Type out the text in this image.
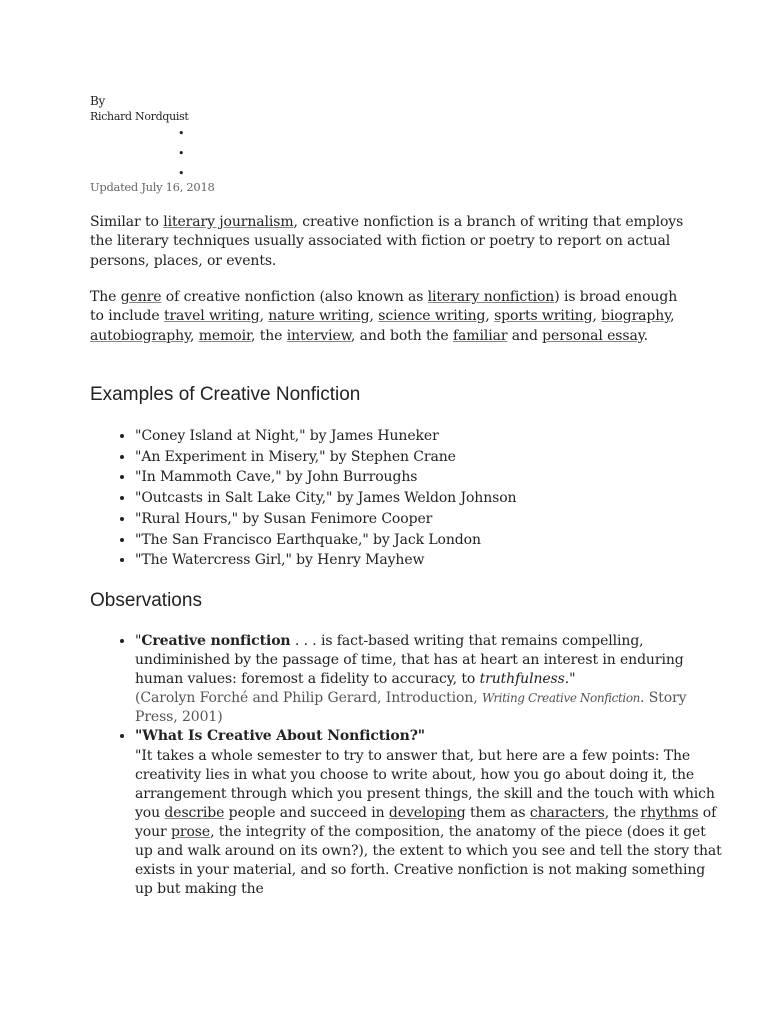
By
Richard Nordquist
•
•
•
Updated July 16, 2018
Similar to literary journalism, creative nonfiction is a branch of writing that employs the literary techniques usually associated with fiction or poetry to report on actual persons, places, or events.
The genre of creative nonfiction (also known as literary nonfiction) is broad enough to include travel writing, nature writing, science writing, sports writing, biography, autobiography, memoir, the interview, and both the familiar and personal essay.
Examples of Creative Nonfiction
• "Coney Island at Night," by James Huneker
• "An Experiment in Misery," by Stephen Crane
• "In Mammoth Cave," by John Burroughs
• "Outcasts in Salt Lake City," by James Weldon Johnson
• "Rural Hours," by Susan Fenimore Cooper
• "The San Francisco Earthquake," by Jack London
• "The Watercress Girl," by Henry Mayhew
Observations
• "Creative nonfiction . . . is fact-based writing that remains compelling, undiminished by the passage of time, that has at heart an interest in enduring human values: foremost a fidelity to accuracy, to truthfulness."
(Carolyn Forché and Philip Gerard, Introduction, Writing Creative Nonfiction. Story Press, 2001)
• "What Is Creative About Nonfiction?"
"It takes a whole semester to try to answer that, but here are a few points: The creativity lies in what you choose to write about, how you go about doing it, the arrangement through which you present things, the skill and the touch with which you describe people and succeed in developing them as characters, the rhythms of your prose, the integrity of the composition, the anatomy of the piece (does it get up and walk around on its own?), the extent to which you see and tell the story that exists in your material, and so forth. Creative nonfiction is not making something up but making the
